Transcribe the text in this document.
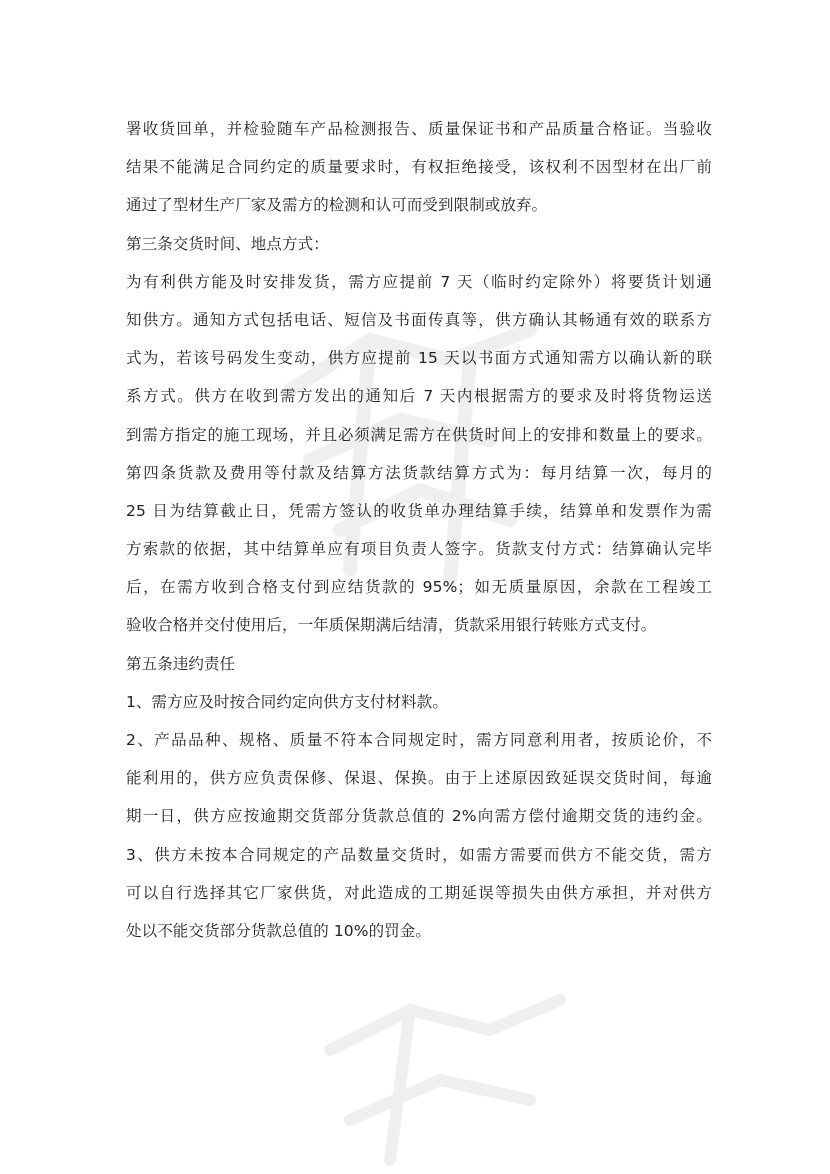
署收货回单，并检验随车产品检测报告、质量保证书和产品质量合格证。当验收
结果不能满足合同约定的质量要求时，有权拒绝接受，该权利不因型材在出厂前
通过了型材生产厂家及需方的检测和认可而受到限制或放弃。
第三条交货时间、地点方式：
为有利供方能及时安排发货，需方应提前 7 天（临时约定除外）将要货计划通
知供方。通知方式包括电话、短信及书面传真等，供方确认其畅通有效的联系方
式为，若该号码发生变动，供方应提前 15 天以书面方式通知需方以确认新的联
系方式。供方在收到需方发出的通知后 7 天内根据需方的要求及时将货物运送
到需方指定的施工现场，并且必须满足需方在供货时间上的安排和数量上的要求。
第四条货款及费用等付款及结算方法货款结算方式为：每月结算一次，每月的
25 日为结算截止日，凭需方签认的收货单办理结算手续，结算单和发票作为需
方索款的依据，其中结算单应有项目负责人签字。货款支付方式：结算确认完毕
后，在需方收到合格支付到应结货款的 95%；如无质量原因，余款在工程竣工
验收合格并交付使用后，一年质保期满后结清，货款采用银行转账方式支付。
第五条违约责任
1、需方应及时按合同约定向供方支付材料款。
2、产品品种、规格、质量不符本合同规定时，需方同意利用者，按质论价，不
能利用的，供方应负责保修、保退、保换。由于上述原因致延误交货时间，每逾
期一日，供方应按逾期交货部分货款总值的 2%向需方偿付逾期交货的违约金。
3、供方未按本合同规定的产品数量交货时，如需方需要而供方不能交货，需方
可以自行选择其它厂家供货，对此造成的工期延误等损失由供方承担，并对供方
处以不能交货部分货款总值的 10%的罚金。
